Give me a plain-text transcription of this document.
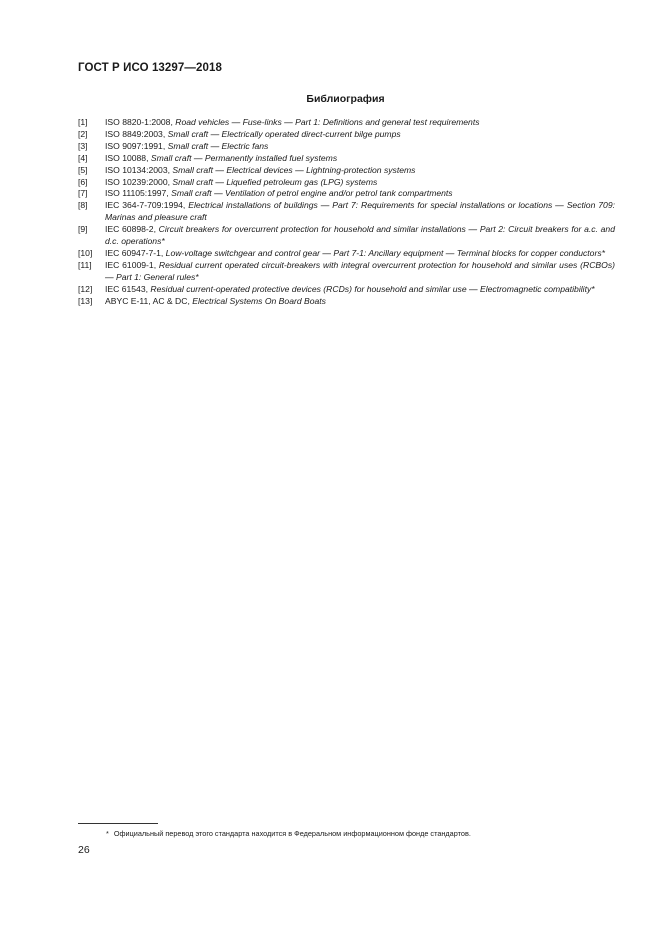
ГОСТ Р ИСО 13297—2018
Библиография
[1]	ISO 8820-1:2008, Road vehicles — Fuse-links — Part 1: Definitions and general test requirements
[2]	ISO 8849:2003, Small craft — Electrically operated direct-current bilge pumps
[3]	ISO 9097:1991, Small craft — Electric fans
[4]	ISO 10088, Small craft — Permanently installed fuel systems
[5]	ISO 10134:2003, Small craft — Electrical devices — Lightning-protection systems
[6]	ISO 10239:2000, Small craft — Liquefied petroleum gas (LPG) systems
[7]	ISO 11105:1997, Small craft — Ventilation of petrol engine and/or petrol tank compartments
[8]	IEC 364-7-709:1994, Electrical installations of buildings — Part 7: Requirements for special installations or locations — Section 709: Marinas and pleasure craft
[9]	IEC 60898-2, Circuit breakers for overcurrent protection for household and similar installations — Part 2: Circuit breakers for a.c. and d.c. operations*
[10]	IEC 60947-7-1, Low-voltage switchgear and control gear — Part 7-1: Ancillary equipment — Terminal blocks for copper conductors*
[11]	IEC 61009-1, Residual current operated circuit-breakers with integral overcurrent protection for household and similar uses (RCBOs) — Part 1: General rules*
[12]	IEC 61543, Residual current-operated protective devices (RCDs) for household and similar use — Electromagnetic compatibility*
[13]	ABYC E-11, AC & DC, Electrical Systems On Board Boats
* Официальный перевод этого стандарта находится в Федеральном информационном фонде стандартов.
26
